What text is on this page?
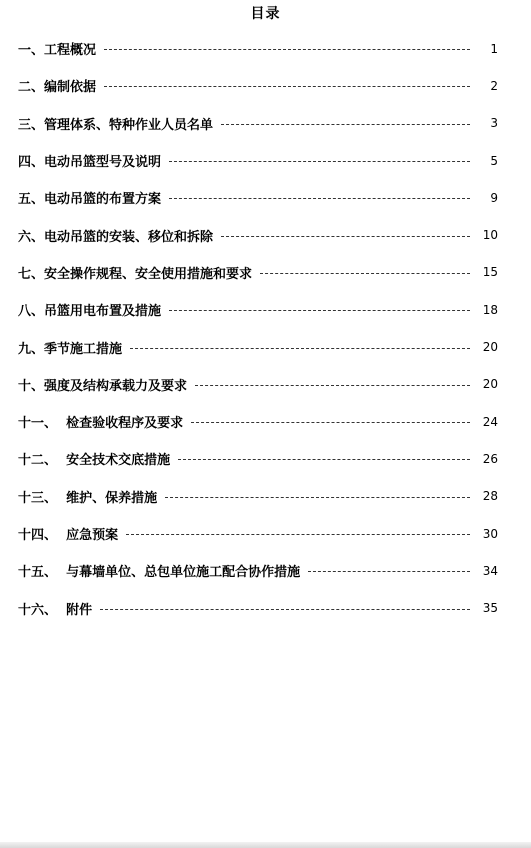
目录
一、 工程概况	1
二、 编制依据	2
三、 管理体系、特种作业人员名单	3
四、 电动吊篮型号及说明	5
五、 电动吊篮的布置方案	9
六、 电动吊篮的安装、移位和拆除	10
七、 安全操作规程、安全使用措施和要求	15
八、 吊篮用电布置及措施	18
九、 季节施工措施	20
十、 强度及结构承载力及要求	20
十一、 检查验收程序及要求	24
十二、 安全技术交底措施	26
十三、 维护、保养措施	28
十四、 应急预案	30
十五、 与幕墙单位、总包单位施工配合协作措施	34
十六、 附件	35
